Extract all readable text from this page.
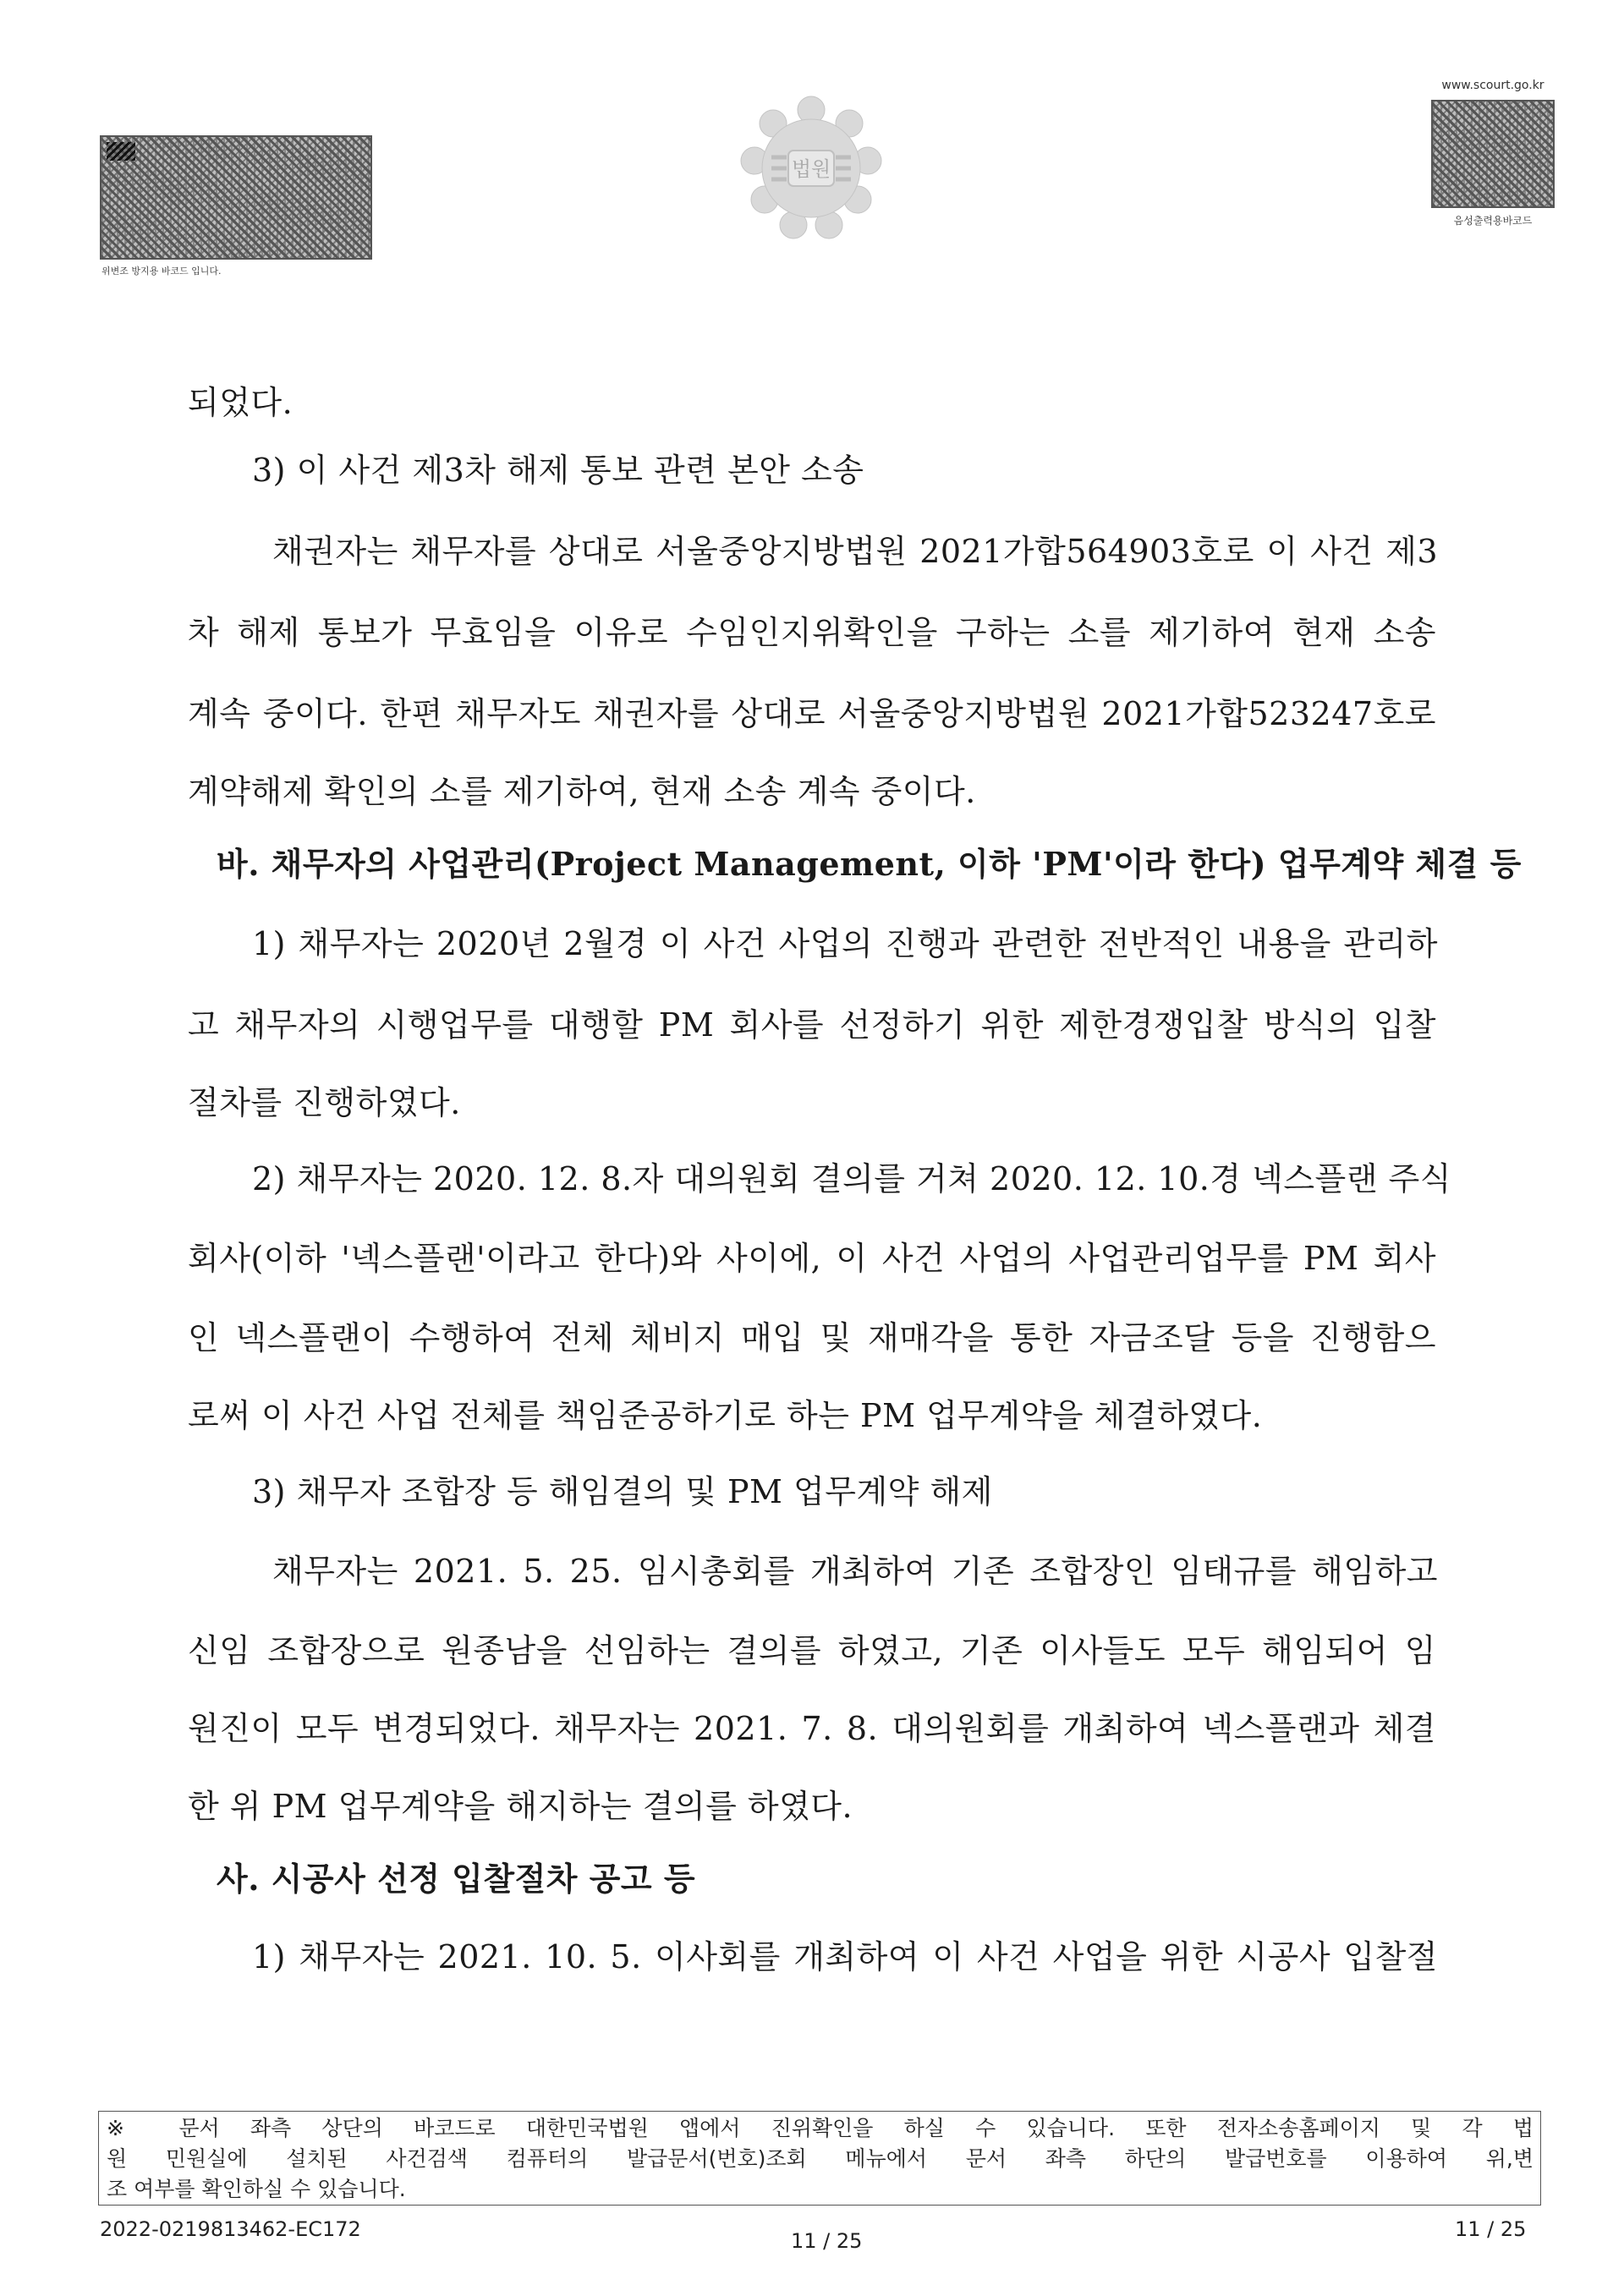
위변조 방지용 바코드 입니다.
법원
www.scourt.go.kr
음성출력용바코드
되었다.
3) 이 사건 제3차 해제 통보 관련 본안 소송
채권자는 채무자를 상대로 서울중앙지방법원 2021가합564903호로 이 사건 제3
차 해제 통보가 무효임을 이유로 수임인지위확인을 구하는 소를 제기하여 현재 소송
계속 중이다. 한편 채무자도 채권자를 상대로 서울중앙지방법원 2021가합523247호로
계약해제 확인의 소를 제기하여, 현재 소송 계속 중이다.
바. 채무자의 사업관리(Project Management, 이하 'PM'이라 한다) 업무계약 체결 등
1) 채무자는 2020년 2월경 이 사건 사업의 진행과 관련한 전반적인 내용을 관리하
고 채무자의 시행업무를 대행할 PM 회사를 선정하기 위한 제한경쟁입찰 방식의 입찰
절차를 진행하였다.
2) 채무자는 2020. 12. 8.자 대의원회 결의를 거쳐 2020. 12. 10.경 넥스플랜 주식
회사(이하 '넥스플랜'이라고 한다)와 사이에, 이 사건 사업의 사업관리업무를 PM 회사
인 넥스플랜이 수행하여 전체 체비지 매입 및 재매각을 통한 자금조달 등을 진행함으
로써 이 사건 사업 전체를 책임준공하기로 하는 PM 업무계약을 체결하였다.
3) 채무자 조합장 등 해임결의 및 PM 업무계약 해제
채무자는 2021. 5. 25. 임시총회를 개최하여 기존 조합장인 임태규를 해임하고
신임 조합장으로 원종남을 선임하는 결의를 하였고, 기존 이사들도 모두 해임되어 임
원진이 모두 변경되었다. 채무자는 2021. 7. 8. 대의원회를 개최하여 넥스플랜과 체결
한 위 PM 업무계약을 해지하는 결의를 하였다.
사. 시공사 선정 입찰절차 공고 등
1) 채무자는 2021. 10. 5. 이사회를 개최하여 이 사건 사업을 위한 시공사 입찰절
※ 문서 좌측 상단의 바코드로 대한민국법원 앱에서 진위확인을 하실 수 있습니다. 또한 전자소송홈페이지 및 각 법
원 민원실에 설치된 사건검색 컴퓨터의 발급문서(번호)조회 메뉴에서 문서 좌측 하단의 발급번호를 이용하여 위,변
조 여부를 확인하실 수 있습니다.
2022-0219813462-EC172	11 / 25	11 / 25
